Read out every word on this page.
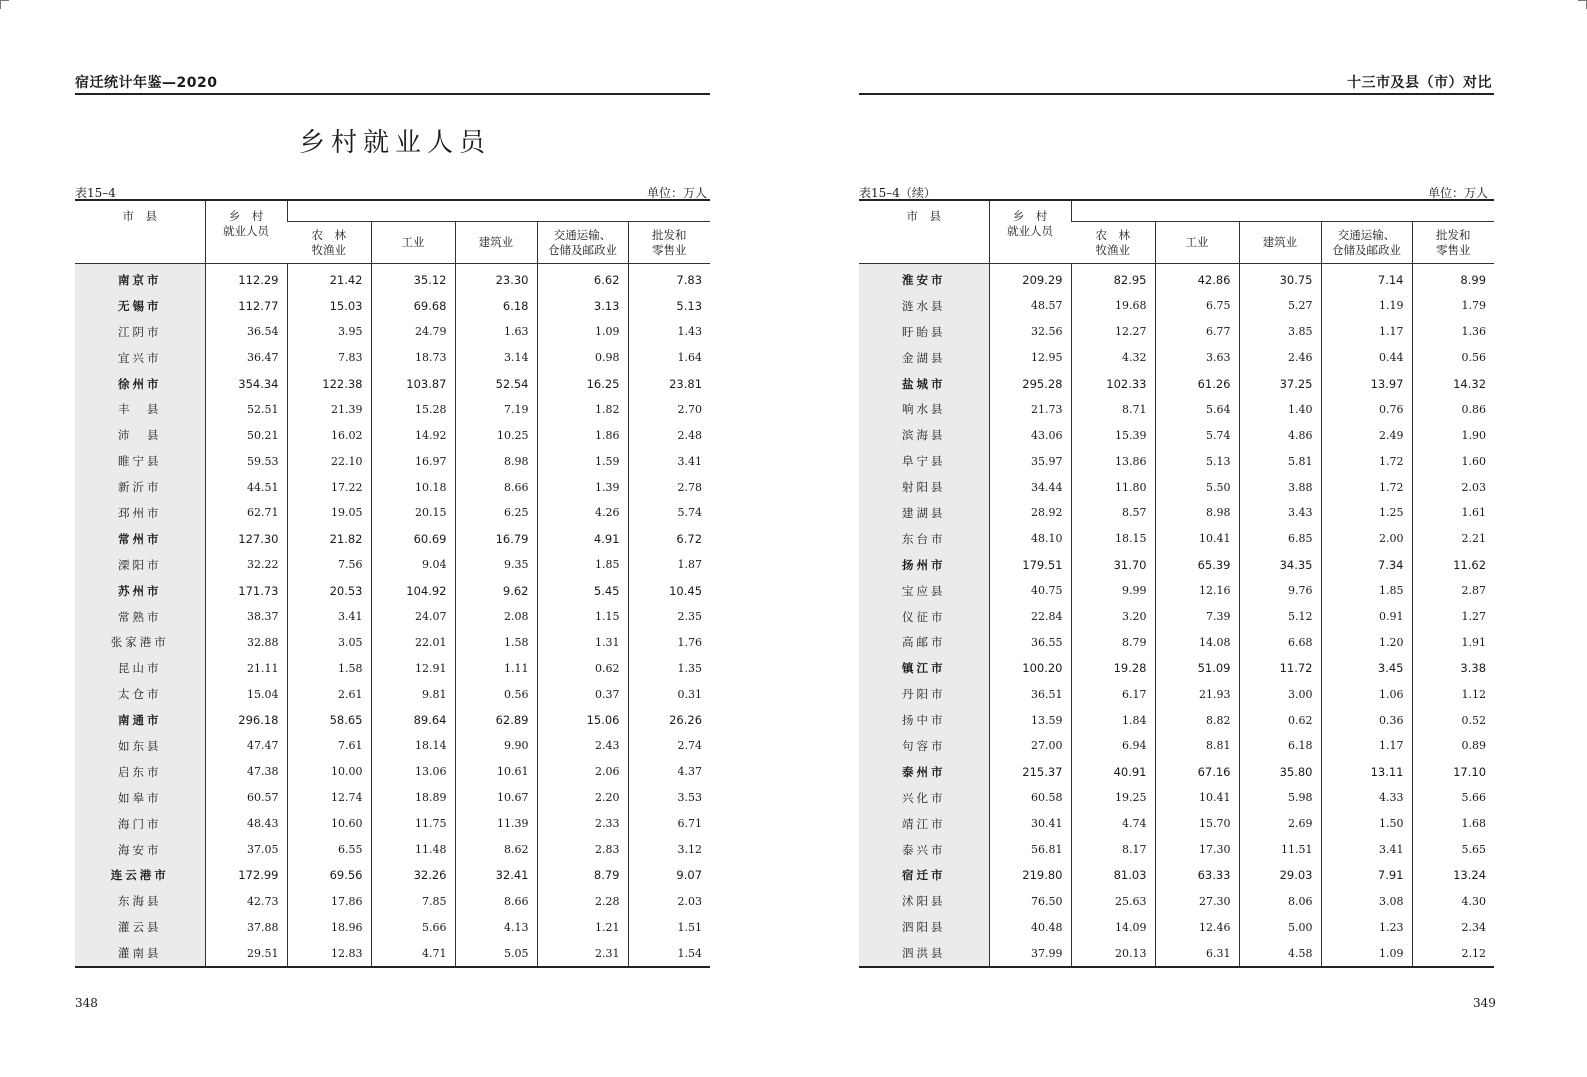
宿迁统计年鉴—2020
乡村就业人员
表15–4	单位：万人
市　县	乡　村
就业人员					
		农　林
牧渔业	工业	建筑业	交通运输、
仓储及邮政业	批发和
零售业
南京市	112.29	21.42	35.12	23.30	6.62	7.83
无锡市	112.77	15.03	69.68	6.18	3.13	5.13
江阴市	36.54	3.95	24.79	1.63	1.09	1.43
宜兴市	36.47	7.83	18.73	3.14	0.98	1.64
徐州市	354.34	122.38	103.87	52.54	16.25	23.81
丰　县	52.51	21.39	15.28	7.19	1.82	2.70
沛　县	50.21	16.02	14.92	10.25	1.86	2.48
睢宁县	59.53	22.10	16.97	8.98	1.59	3.41
新沂市	44.51	17.22	10.18	8.66	1.39	2.78
邳州市	62.71	19.05	20.15	6.25	4.26	5.74
常州市	127.30	21.82	60.69	16.79	4.91	6.72
溧阳市	32.22	7.56	9.04	9.35	1.85	1.87
苏州市	171.73	20.53	104.92	9.62	5.45	10.45
常熟市	38.37	3.41	24.07	2.08	1.15	2.35
张家港市	32.88	3.05	22.01	1.58	1.31	1.76
昆山市	21.11	1.58	12.91	1.11	0.62	1.35
太仓市	15.04	2.61	9.81	0.56	0.37	0.31
南通市	296.18	58.65	89.64	62.89	15.06	26.26
如东县	47.47	7.61	18.14	9.90	2.43	2.74
启东市	47.38	10.00	13.06	10.61	2.06	4.37
如皋市	60.57	12.74	18.89	10.67	2.20	3.53
海门市	48.43	10.60	11.75	11.39	2.33	6.71
海安市	37.05	6.55	11.48	8.62	2.83	3.12
连云港市	172.99	69.56	32.26	32.41	8.79	9.07
东海县	42.73	17.86	7.85	8.66	2.28	2.03
灌云县	37.88	18.96	5.66	4.13	1.21	1.51
灌南县	29.51	12.83	4.71	5.05	2.31	1.54
348
十三市及县（市）对比
表15–4（续）	单位：万人
市　县	乡　村
就业人员					
		农　林
牧渔业	工业	建筑业	交通运输、
仓储及邮政业	批发和
零售业
淮安市	209.29	82.95	42.86	30.75	7.14	8.99
涟水县	48.57	19.68	6.75	5.27	1.19	1.79
盱眙县	32.56	12.27	6.77	3.85	1.17	1.36
金湖县	12.95	4.32	3.63	2.46	0.44	0.56
盐城市	295.28	102.33	61.26	37.25	13.97	14.32
响水县	21.73	8.71	5.64	1.40	0.76	0.86
滨海县	43.06	15.39	5.74	4.86	2.49	1.90
阜宁县	35.97	13.86	5.13	5.81	1.72	1.60
射阳县	34.44	11.80	5.50	3.88	1.72	2.03
建湖县	28.92	8.57	8.98	3.43	1.25	1.61
东台市	48.10	18.15	10.41	6.85	2.00	2.21
扬州市	179.51	31.70	65.39	34.35	7.34	11.62
宝应县	40.75	9.99	12.16	9.76	1.85	2.87
仪征市	22.84	3.20	7.39	5.12	0.91	1.27
高邮市	36.55	8.79	14.08	6.68	1.20	1.91
镇江市	100.20	19.28	51.09	11.72	3.45	3.38
丹阳市	36.51	6.17	21.93	3.00	1.06	1.12
扬中市	13.59	1.84	8.82	0.62	0.36	0.52
句容市	27.00	6.94	8.81	6.18	1.17	0.89
泰州市	215.37	40.91	67.16	35.80	13.11	17.10
兴化市	60.58	19.25	10.41	5.98	4.33	5.66
靖江市	30.41	4.74	15.70	2.69	1.50	1.68
泰兴市	56.81	8.17	17.30	11.51	3.41	5.65
宿迁市	219.80	81.03	63.33	29.03	7.91	13.24
沭阳县	76.50	25.63	27.30	8.06	3.08	4.30
泗阳县	40.48	14.09	12.46	5.00	1.23	2.34
泗洪县	37.99	20.13	6.31	4.58	1.09	2.12
349
